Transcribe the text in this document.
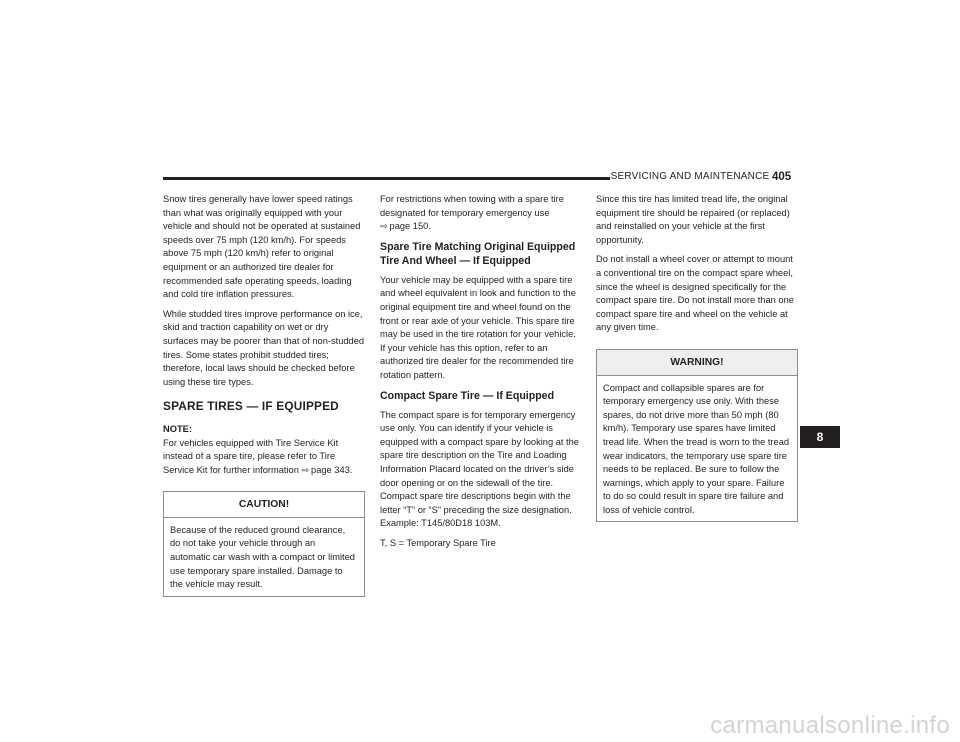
SERVICING AND MAINTENANCE 405

Snow tires generally have lower speed ratings than what was originally equipped with your vehicle and should not be operated at sustained speeds over 75 mph (120 km/h). For speeds above 75 mph (120 km/h) refer to original equipment or an authorized tire dealer for recommended safe operating speeds, loading and cold tire inflation pressures.

While studded tires improve performance on ice, skid and traction capability on wet or dry surfaces may be poorer than that of non-studded tires. Some states prohibit studded tires; therefore, local laws should be checked before using these tire types.

SPARE TIRES — IF EQUIPPED
NOTE:

For vehicles equipped with Tire Service Kit instead of a spare tire, please refer to Tire Service Kit for further information ⇨ page 343.

CAUTION!
Because of the reduced ground clearance, do not take your vehicle through an automatic car wash with a compact or limited use temporary spare installed. Damage to the vehicle may result.

For restrictions when towing with a spare tire designated for temporary emergency use
⇨ page 150.

Spare Tire Matching Original Equipped Tire And Wheel — If Equipped

Your vehicle may be equipped with a spare tire and wheel equivalent in look and function to the original equipment tire and wheel found on the front or rear axle of your vehicle. This spare tire may be used in the tire rotation for your vehicle. If your vehicle has this option, refer to an authorized tire dealer for the recommended tire rotation pattern.

Compact Spare Tire — If Equipped

The compact spare is for temporary emergency use only. You can identify if your vehicle is equipped with a compact spare by looking at the spare tire description on the Tire and Loading Information Placard located on the driver’s side door opening or on the sidewall of the tire. Compact spare tire descriptions begin with the letter “T” or “S” preceding the size designation. Example: T145/80D18 103M.

T, S = Temporary Spare Tire

Since this tire has limited tread life, the original equipment tire should be repaired (or replaced) and reinstalled on your vehicle at the first opportunity.

Do not install a wheel cover or attempt to mount a conventional tire on the compact spare wheel, since the wheel is designed specifically for the compact spare tire. Do not install more than one compact spare tire and wheel on the vehicle at any given time.

WARNING!
Compact and collapsible spares are for temporary emergency use only. With these spares, do not drive more than 50 mph (80 km/h). Temporary use spares have limited tread life. When the tread is worn to the tread wear indicators, the temporary use spare tire needs to be replaced. Be sure to follow the warnings, which apply to your spare. Failure to do so could result in spare tire failure and loss of vehicle control.
8
carmanualsonline.info
